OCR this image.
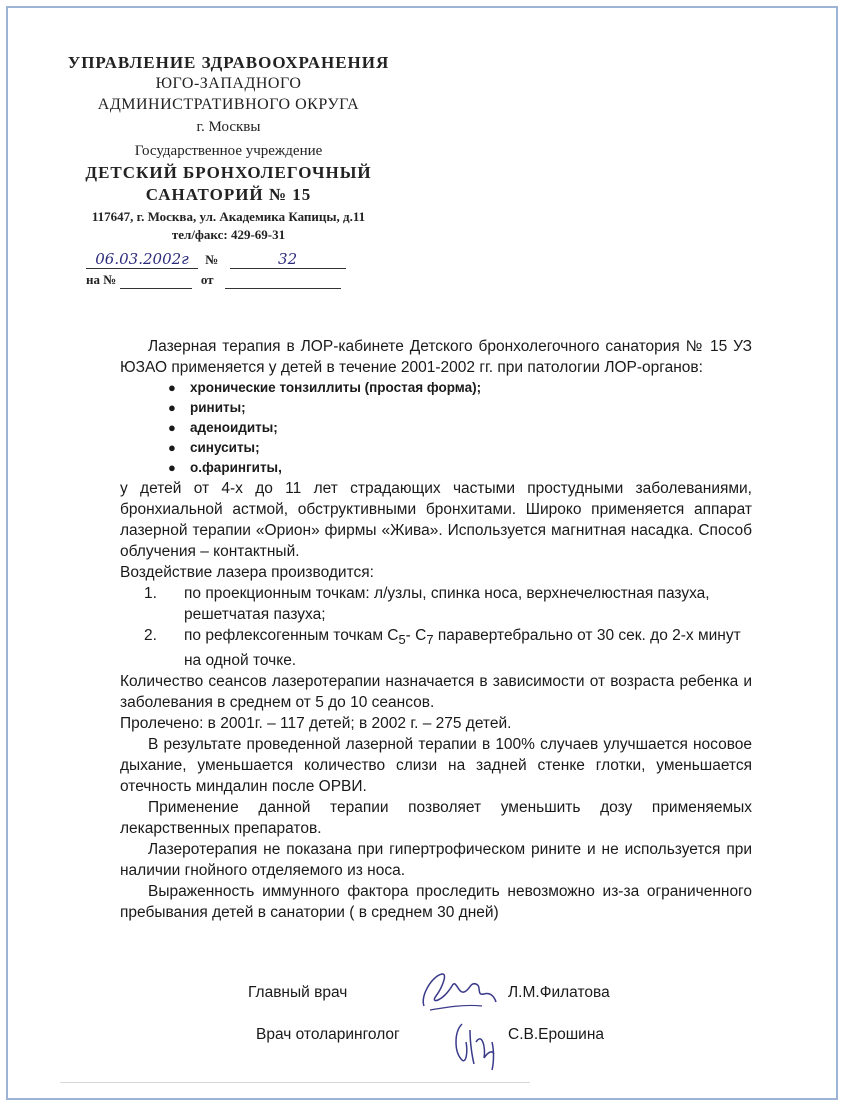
УПРАВЛЕНИЕ ЗДРАВООХРАНЕНИЯ
ЮГО-ЗАПАДНОГО
АДМИНИСТРАТИВНОГО ОКРУГА
г. Москвы
Государственное учреждение
ДЕТСКИЙ БРОНХОЛЕГОЧНЫЙ
САНАТОРИЙ № 15
117647, г. Москва, ул. Академика Капицы, д.11
тел/факс: 429-69-31
06.03.2002г №	32
на №	от

Лазерная терапия в ЛОР-кабинете Детского бронхолегочного санатория № 15 УЗ ЮЗАО применяется у детей в течение 2001-2002 гг. при патологии ЛОР-органов:

● хронические тонзиллиты (простая форма);
● риниты;
● аденоидиты;
● синуситы;
● о.фарингиты,

у детей от 4-х до 11 лет страдающих частыми простудными заболеваниями, бронхиальной астмой, обструктивными бронхитами. Широко применяется аппарат лазерной терапии «Орион» фирмы «Жива». Используется магнитная насадка. Способ облучения – контактный.

Воздействие лазера производится:

1. по проекционным точкам: л/узлы, спинка носа, верхнечелюстная пазуха, решетчатая пазуха;
2. по рефлексогенным точкам $С_5-$ $С_7$ паравертебрально от 30 сек. до 2-х минут на одной точке.

Количество сеансов лазеротерапии назначается в зависимости от возраста ребенка и заболевания в среднем от 5 до 10 сеансов.

Пролечено: в 2001г. – 117 детей; в 2002 г. – 275 детей.

В результате проведенной лазерной терапии в 100% случаев улучшается носовое дыхание, уменьшается количество слизи на задней стенке глотки, уменьшается отечность миндалин после ОРВИ.

Применение данной терапии позволяет уменьшить дозу применяемых лекарственных препаратов.

Лазеротерапия не показана при гипертрофическом рините и не используется при наличии гнойного отделяемого из носа.

Выраженность иммунного фактора проследить невозможно из-за ограниченного пребывания детей в санатории ( в среднем 30 дней)

Главный врач	Л.М.Филатова
Врач отоларинголог	С.В.Ерошина
